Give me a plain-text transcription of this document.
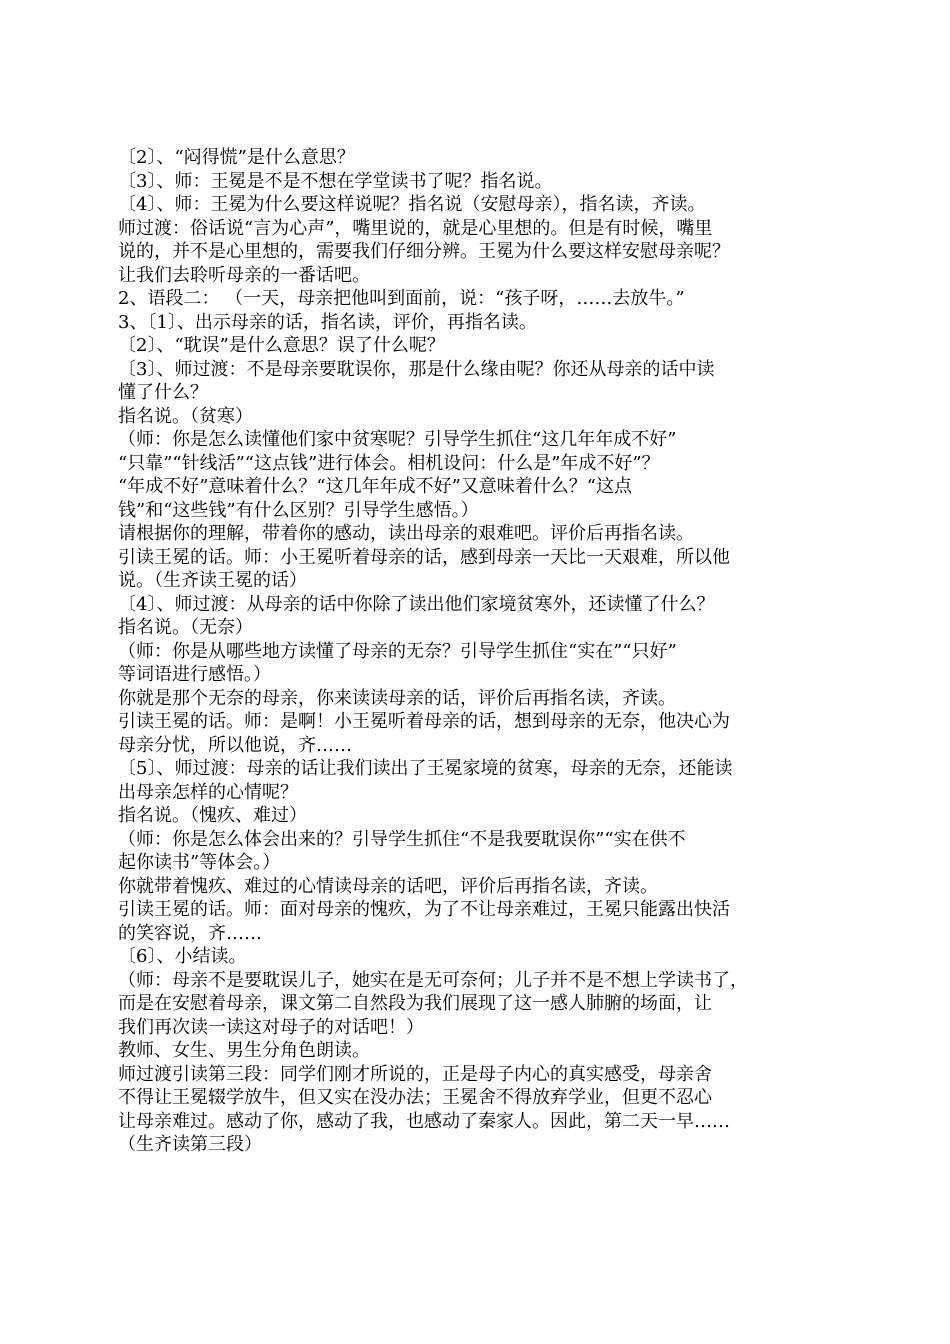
〔2〕、“闷得慌”是什么意思？
〔3〕、师：王冕是不是不想在学堂读书了呢？指名说。
〔4〕、师：王冕为什么要这样说呢？指名说（安慰母亲），指名读，齐读。
师过渡：俗话说“言为心声”，嘴里说的，就是心里想的。但是有时候，嘴里
说的，并不是心里想的，需要我们仔细分辨。王冕为什么要这样安慰母亲呢？
让我们去聆听母亲的一番话吧。
2、语段二： （一天，母亲把他叫到面前，说：“孩子呀，……去放牛。”
3、〔1〕、出示母亲的话，指名读，评价，再指名读。
〔2〕、“耽误”是什么意思？误了什么呢？
〔3〕、师过渡：不是母亲要耽误你，那是什么缘由呢？你还从母亲的话中读
懂了什么？
指名说。（贫寒）
（师：你是怎么读懂他们家中贫寒呢？引导学生抓住“这几年年成不好”
“只靠”“针线活”“这点钱”进行体会。相机设问：什么是”年成不好”？
“年成不好”意味着什么？“这几年年成不好”又意味着什么？“这点
钱”和“这些钱”有什么区别？引导学生感悟。）
请根据你的理解，带着你的感动，读出母亲的艰难吧。评价后再指名读。
引读王冕的话。师：小王冕听着母亲的话，感到母亲一天比一天艰难，所以他
说。（生齐读王冕的话）
〔4〕、师过渡：从母亲的话中你除了读出他们家境贫寒外，还读懂了什么？
指名说。（无奈）
（师：你是从哪些地方读懂了母亲的无奈？引导学生抓住“实在”“只好”
等词语进行感悟。）
你就是那个无奈的母亲，你来读读母亲的话，评价后再指名读，齐读。
引读王冕的话。师：是啊！小王冕听着母亲的话，想到母亲的无奈，他决心为
母亲分忧，所以他说，齐……
〔5〕、师过渡：母亲的话让我们读出了王冕家境的贫寒，母亲的无奈，还能读
出母亲怎样的心情呢？
指名说。（愧疚、难过）
（师：你是怎么体会出来的？引导学生抓住“不是我要耽误你”“实在供不
起你读书”等体会。）
你就带着愧疚、难过的心情读母亲的话吧，评价后再指名读，齐读。
引读王冕的话。师：面对母亲的愧疚，为了不让母亲难过，王冕只能露出快活
的笑容说，齐……
〔6〕、小结读。
（师：母亲不是要耽误儿子，她实在是无可奈何；儿子并不是不想上学读书了，
而是在安慰着母亲，课文第二自然段为我们展现了这一感人肺腑的场面，让
我们再次读一读这对母子的对话吧！）
教师、女生、男生分角色朗读。
师过渡引读第三段：同学们刚才所说的，正是母子内心的真实感受，母亲舍
不得让王冕辍学放牛，但又实在没办法；王冕舍不得放弃学业，但更不忍心
让母亲难过。感动了你，感动了我，也感动了秦家人。因此，第二天一早……
（生齐读第三段）
